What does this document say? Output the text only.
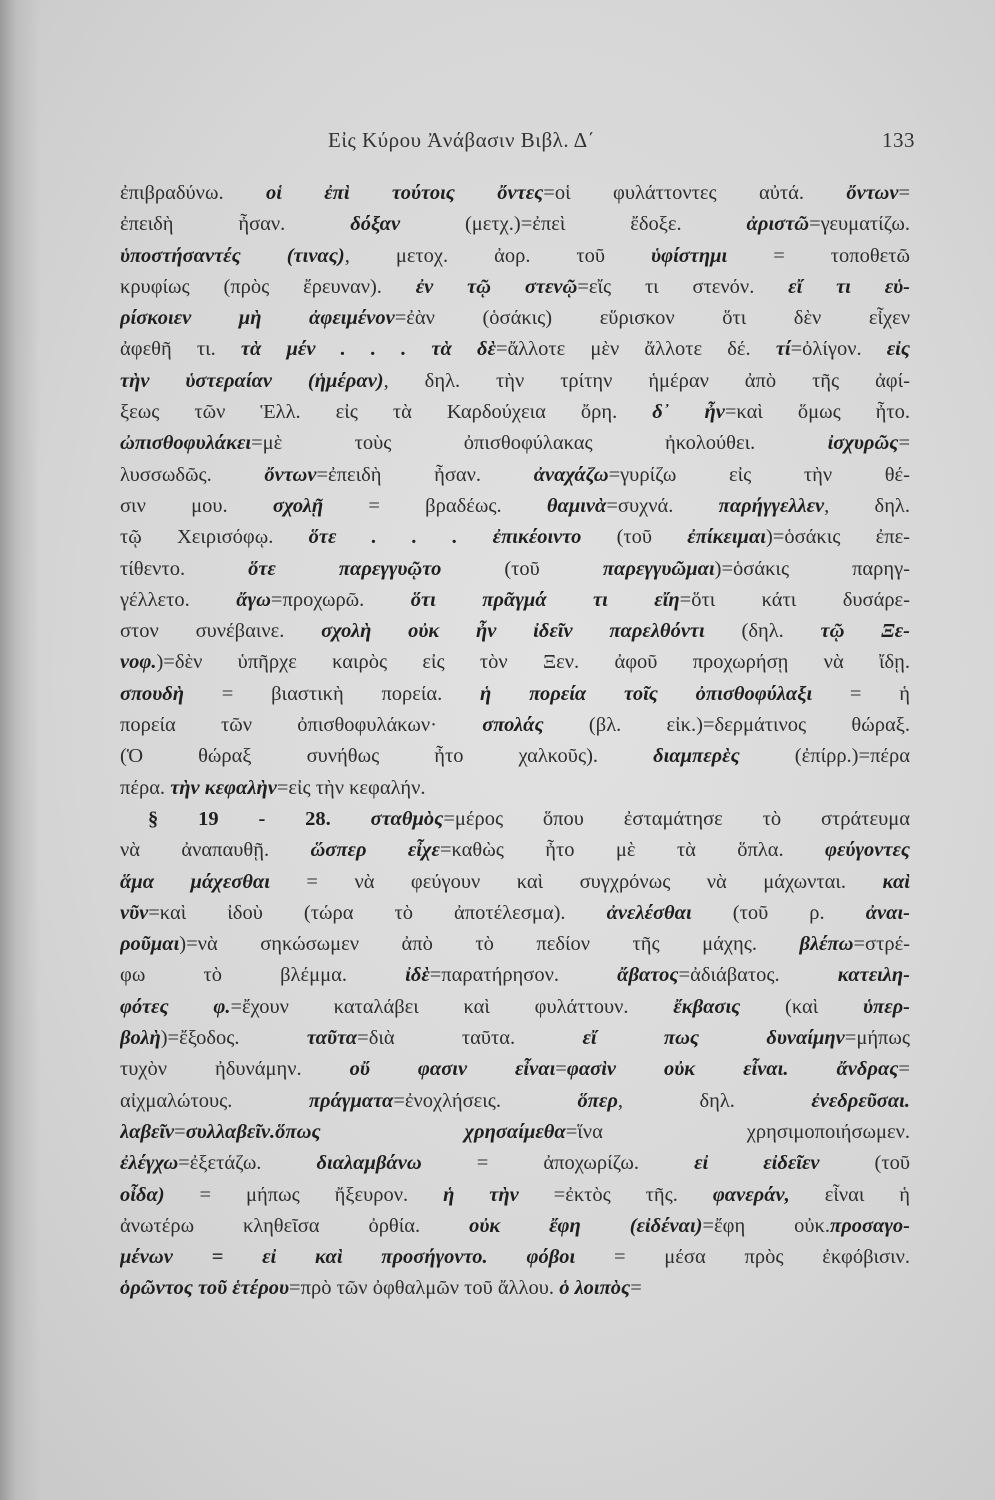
Εἰς Κύρου Ἀνάβασιν Βιβλ. Δ΄	133
ἐπιβραδύνω. οἱ ἐπὶ τούτοις ὄντες=οἱ φυλάττοντες αὐτά. ὄντων=
ἐπειδὴ ἦσαν. δόξαν (μετχ.)=ἐπεὶ ἔδοξε. ἀριστῶ=γευματίζω.
ὑποστήσαντές (τινας), μετοχ. ἀορ. τοῦ ὑφίστημι = τοποθετῶ
κρυφίως (πρὸς ἔρευναν). ἐν τῷ στενῷ=εἴς τι στενόν. εἴ τι εὑ-
ρίσκοιεν μὴ ἀφειμένον=ἐὰν (ὁσάκις) εὕρισκον ὅτι δὲν εἶχεν
ἀφεθῆ τι. τὰ μέν . . . τὰ δὲ=ἄλλοτε μὲν ἄλλοτε δέ. τί=ὀλίγον. εἰς
τὴν ὑστεραίαν (ἡμέραν), δηλ. τὴν τρίτην ἡμέραν ἀπὸ τῆς ἀφί-
ξεως τῶν Ἑλλ. εἰς τὰ Καρδούχεια ὄρη. δ᾽ ἦν=καὶ ὅμως ἦτο.
ὠπισθοφυλάκει=μὲ τοὺς ὀπισθοφύλακας ἠκολούθει. ἰσχυρῶς=
λυσσωδῶς. ὄντων=ἐπειδὴ ἦσαν. ἀναχάζω=γυρίζω εἰς τὴν θέ-
σιν μου. σχολῇ = βραδέως. θαμινὰ=συχνά. παρήγγελλεν, δηλ.
τῷ Χειρισόφῳ. ὅτε . . . ἐπικέοιντο (τοῦ ἐπίκειμαι)=ὁσάκις ἐπε-
τίθεντο. ὅτε παρεγγυῷτο (τοῦ παρεγγυῶμαι)=ὁσάκις παρηγ-
γέλλετο. ἄγω=προχωρῶ. ὅτι πρᾶγμά τι εἴη=ὅτι κάτι δυσάρε-
στον συνέβαινε. σχολὴ οὐκ ἦν ἰδεῖν παρελθόντι (δηλ. τῷ Ξε-
νοφ.)=δὲν ὑπῆρχε καιρὸς εἰς τὸν Ξεν. ἀφοῦ προχωρήσῃ νὰ ἴδῃ.
σπουδὴ = βιαστικὴ πορεία. ἡ πορεία τοῖς ὀπισθοφύλαξι = ἡ
πορεία τῶν ὀπισθοφυλάκων· σπολάς (βλ. εἰκ.)=δερμάτινος θώραξ.
(Ὁ θώραξ συνήθως ἦτο χαλκοῦς). διαμπερὲς (ἐπίρρ.)=πέρα
πέρα. τὴν κεφαλὴν=εἰς τὴν κεφαλήν.
§ 19 - 28. σταθμὸς=μέρος ὅπου ἐσταμάτησε τὸ στράτευμα
νὰ ἀναπαυθῇ. ὥσπερ εἶχε=καθὼς ἦτο μὲ τὰ ὅπλα. φεύγοντες
ἅμα μάχεσθαι = νὰ φεύγουν καὶ συγχρόνως νὰ μάχωνται. καὶ
νῦν=καὶ ἰδοὺ (τώρα τὸ ἀποτέλεσμα). ἀνελέσθαι (τοῦ ρ. ἀναι-
ροῦμαι)=νὰ σηκώσωμεν ἀπὸ τὸ πεδίον τῆς μάχης. βλέπω=στρέ-
φω τὸ βλέμμα. ἰδὲ=παρατήρησον. ἄβατος=ἀδιάβατος. κατειλη-
φότες φ.=ἔχουν καταλάβει καὶ φυλάττουν. ἔκβασις (καὶ ὑπερ-
βολὴ)=ἔξοδος. ταῦτα=διὰ ταῦτα. εἴ πως δυναίμην=μήπως
τυχὸν ἠδυνάμην. οὔ φασιν εἶναι=φασὶν οὐκ εἶναι. ἄνδρας=
αἰχμαλώτους. πράγματα=ἐνοχλήσεις. ὅπερ, δηλ. ἐνεδρεῦσαι.
λαβεῖν=συλλαβεῖν.ὅπως χρησαίμεθα=ἵνα χρησιμοποιήσωμεν.
ἐλέγχω=ἐξετάζω. διαλαμβάνω = ἀποχωρίζω. εἰ εἰδεῖεν (τοῦ
οἶδα) = μήπως ἤξευρον. ἡ τὴν =ἐκτὸς τῆς. φανεράν, εἶναι ἡ
ἀνωτέρω κληθεῖσα ὀρθία. οὐκ ἔφη (εἰδέναι)=ἔφη οὐκ.προσαγο-
μένων = εἰ καὶ προσήγοντο. φόβοι = μέσα πρὸς ἐκφόβισιν.
ὁρῶντος τοῦ ἑτέρου=πρὸ τῶν ὀφθαλμῶν τοῦ ἄλλου. ὁ λοιπὸς=
